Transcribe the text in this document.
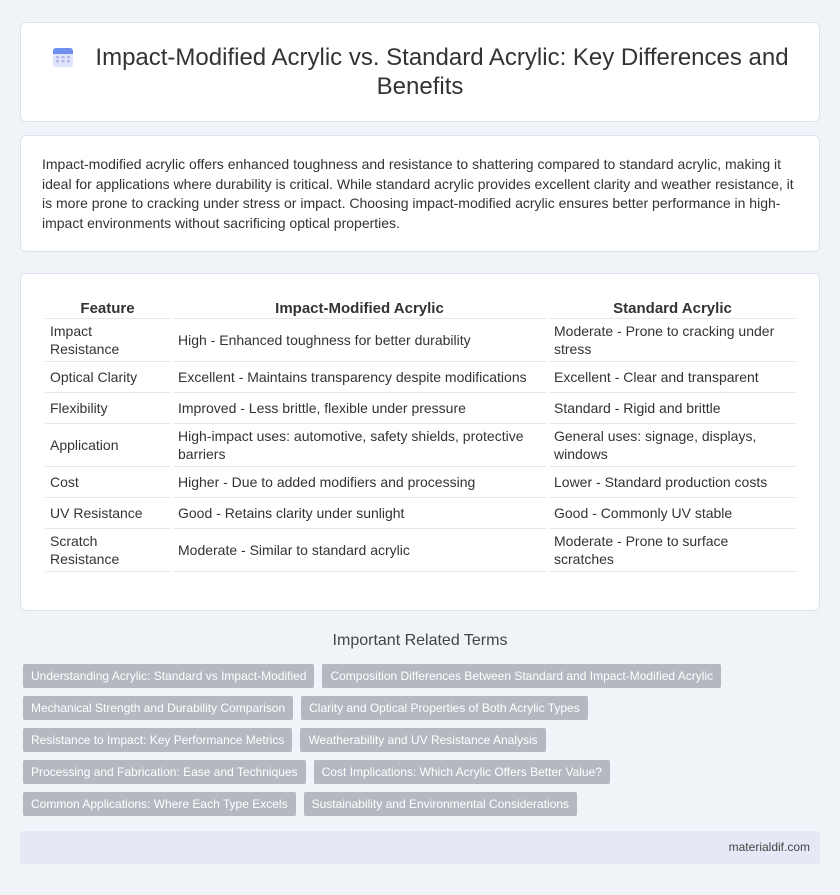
Impact-Modified Acrylic vs. Standard Acrylic: Key Differences and Benefits

Impact-modified acrylic offers enhanced toughness and resistance to shattering compared to standard acrylic, making it ideal for applications where durability is critical. While standard acrylic provides excellent clarity and weather resistance, it is more prone to cracking under stress or impact. Choosing impact-modified acrylic ensures better performance in high-impact environments without sacrificing optical properties.

Feature	Impact-Modified Acrylic	Standard Acrylic
Impact Resistance	High - Enhanced toughness for better durability	Moderate - Prone to cracking under stress
Optical Clarity	Excellent - Maintains transparency despite modifications	Excellent - Clear and transparent
Flexibility	Improved - Less brittle, flexible under pressure	Standard - Rigid and brittle
Application	High-impact uses: automotive, safety shields, protective barriers	General uses: signage, displays, windows
Cost	Higher - Due to added modifiers and processing	Lower - Standard production costs
UV Resistance	Good - Retains clarity under sunlight	Good - Commonly UV stable
Scratch Resistance	Moderate - Similar to standard acrylic	Moderate - Prone to surface scratches
Important Related Terms
Understanding Acrylic: Standard vs Impact-Modified	Composition Differences Between Standard and Impact-Modified Acrylic
Mechanical Strength and Durability Comparison	Clarity and Optical Properties of Both Acrylic Types
Resistance to Impact: Key Performance Metrics	Weatherability and UV Resistance Analysis
Processing and Fabrication: Ease and Techniques	Cost Implications: Which Acrylic Offers Better Value?
Common Applications: Where Each Type Excels	Sustainability and Environmental Considerations
materialdif.com
